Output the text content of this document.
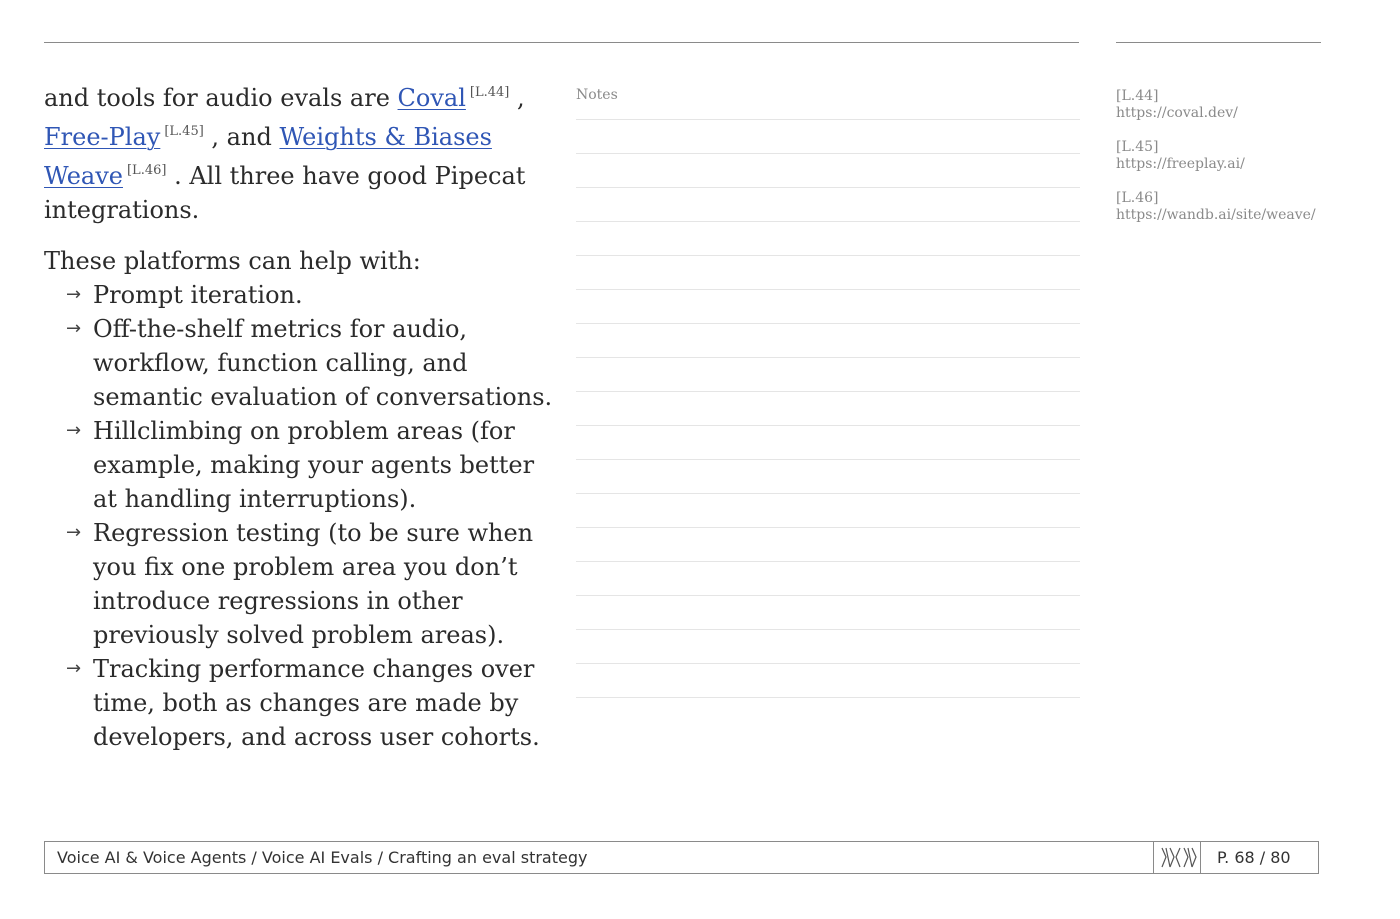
and tools for audio evals are Coval [L.44] , Free-Play [L.45] , and Weights & Biases Weave [L.46] . All three have good Pipecat integrations.

These platforms can help with:

→ Prompt iteration.
→ Off-the-shelf metrics for audio, workflow, function calling, and semantic evaluation of conversations.
→ Hillclimbing on problem areas (for example, making your agents better at handling interruptions).
→ Regression testing (to be sure when you fix one problem area you don’t introduce regressions in other previously solved problem areas).
→ Tracking performance changes over time, both as changes are made by developers, and across user cohorts.

Notes	[L.44]
https://coval.dev/
[L.45]
https://freeplay.ai/
[L.46]
https://wandb.ai/site/weave/
Voice AI & Voice Agents / Voice AI Evals / Crafting an eval strategy	P. 68 / 80
